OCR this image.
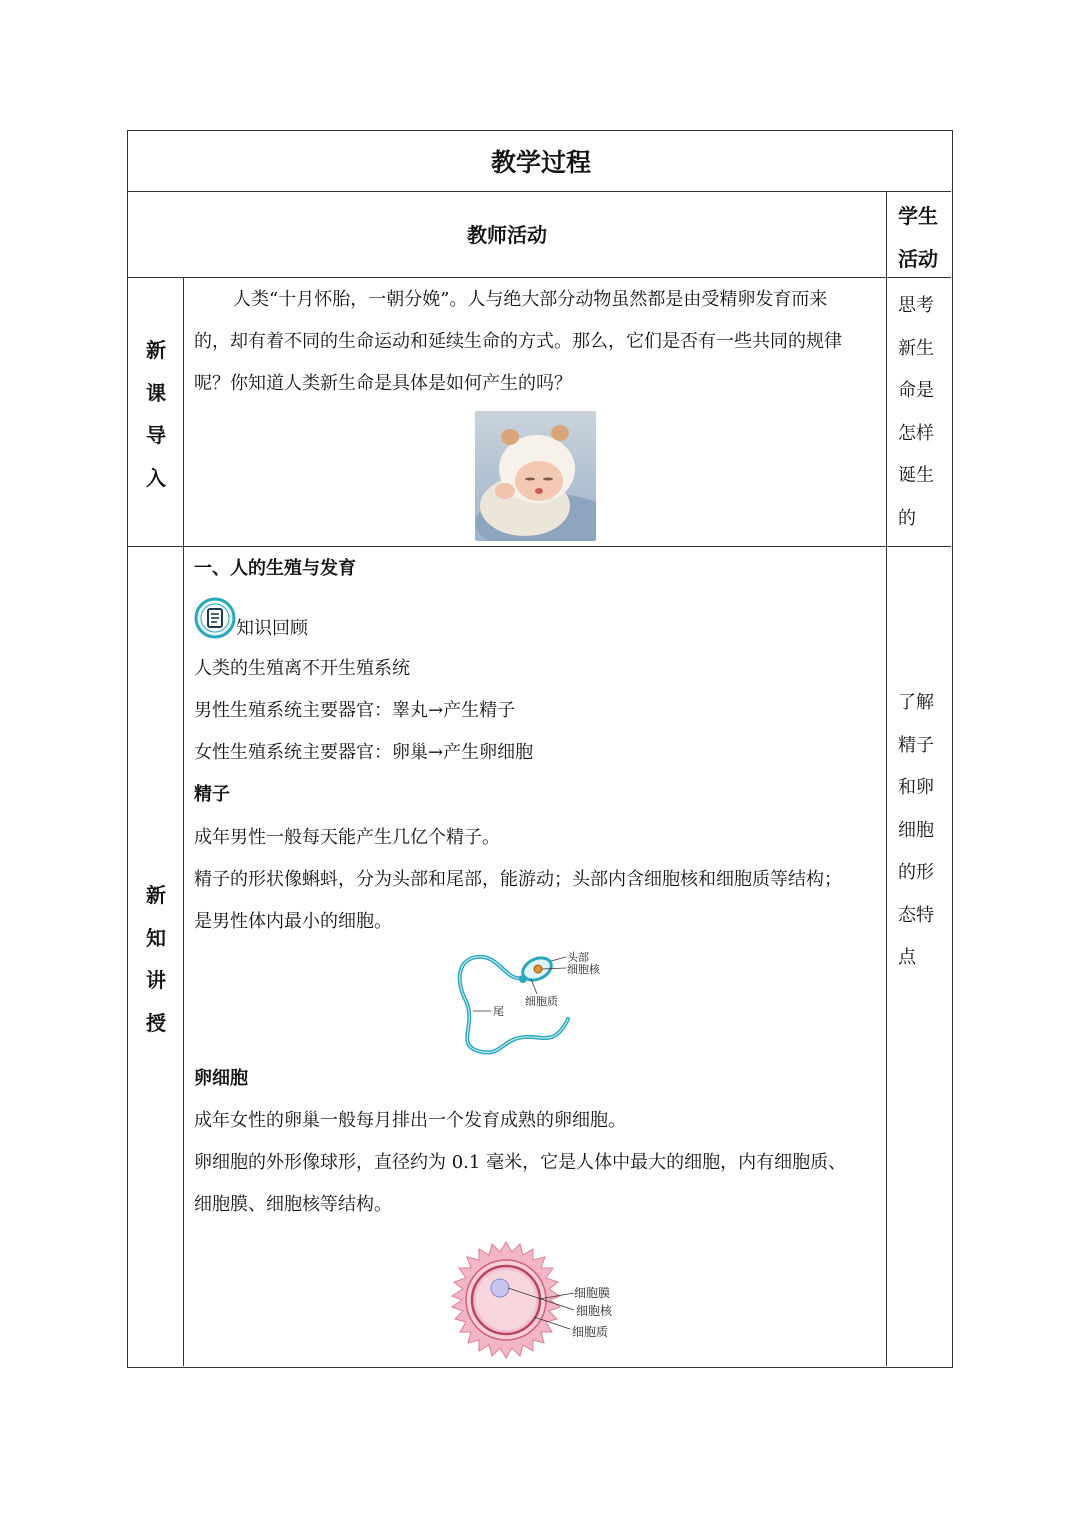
教学过程
教师活动
学生活动
新
课
导
入
人类“十月怀胎，一朝分娩”。人与绝大部分动物虽然都是由受精卵发育而来
的，却有着不同的生命运动和延续生命的方式。那么，它们是否有一些共同的规律
呢？你知道人类新生命是具体是如何产生的吗？
思考
新生
命是
怎样
诞生
的
新
知
讲
授
一、人的生殖与发育
知识回顾
人类的生殖离不开生殖系统
男性生殖系统主要器官：睾丸→产生精子
女性生殖系统主要器官：卵巢→产生卵细胞
精子
成年男性一般每天能产生几亿个精子。
精子的形状像蝌蚪，分为头部和尾部，能游动；头部内含细胞核和细胞质等结构；
是男性体内最小的细胞。
头部
细胞核
细胞质
尾
卵细胞
成年女性的卵巢一般每月排出一个发育成熟的卵细胞。
卵细胞的外形像球形，直径约为 0.1 毫米，它是人体中最大的细胞，内有细胞质、
细胞膜、细胞核等结构。
细胞膜
细胞核
细胞质
了解
精子
和卵
细胞
的形
态特
点
